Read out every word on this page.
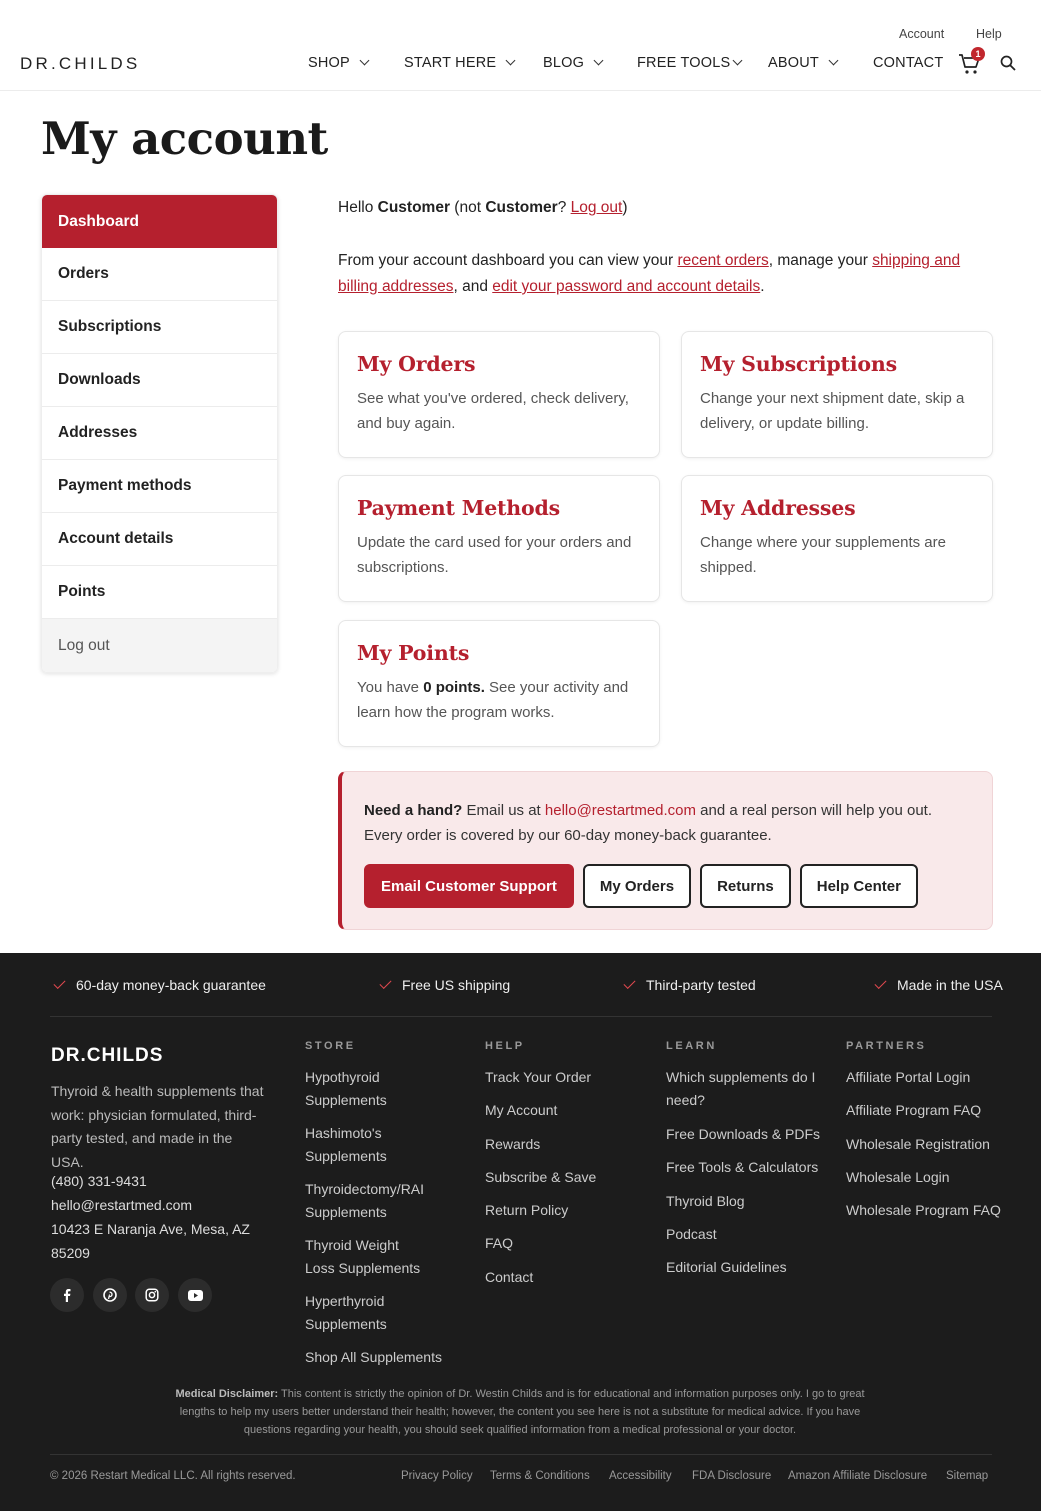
Account	Help
DR.CHILDS	SHOP	START HERE	BLOG	FREE TOOLS	ABOUT	CONTACT
1
My account
Dashboard
Orders
Subscriptions
Downloads
Addresses
Payment methods
Account details
Points
Log out

Hello Customer (not Customer? Log out)

From your account dashboard you can view your recent orders, manage your shipping and billing addresses, and edit your password and account details.

My Orders

See what you've ordered, check delivery, and buy again.

My Subscriptions

Change your next shipment date, skip a delivery, or update billing.

Payment Methods

Update the card used for your orders and subscriptions.

My Addresses

Change where your supplements are shipped.

My Points

You have 0 points. See your activity and learn how the program works.

Need a hand? Email us at hello@restartmed.com and a real person will help you out. Every order is covered by our 60-day money-back guarantee.

Email Customer Support	My Orders	Returns	Help Center
60-day money-back guarantee	Free US shipping	Third-party tested	Made in the USA
DR.CHILDS

Thyroid & health supplements that work: physician formulated, third-party tested, and made in the USA.

(480) 331-9431
hello@restartmed.com
10423 E Naranja Ave, Mesa, AZ
85209
STORE
Hypothyroid Supplements
Hashimoto's Supplements
Thyroidectomy/RAI Supplements
Thyroid Weight Loss Supplements
Hyperthyroid Supplements
Shop All Supplements
HELP
Track Your Order
My Account
Rewards
Subscribe & Save
Return Policy
FAQ
Contact
LEARN
Which supplements do I need?
Free Downloads & PDFs
Free Tools & Calculators
Thyroid Blog
Podcast
Editorial Guidelines
PARTNERS
Affiliate Portal Login
Affiliate Program FAQ
Wholesale Registration
Wholesale Login
Wholesale Program FAQ

Medical Disclaimer: This content is strictly the opinion of Dr. Westin Childs and is for educational and information purposes only. I go to great lengths to help my users better understand their health; however, the content you see here is not a substitute for medical advice. If you have questions regarding your health, you should seek qualified information from a medical professional or your doctor.

© 2026 Restart Medical LLC. All rights reserved.	Privacy Policy Terms & Conditions Accessibility FDA Disclosure Amazon Affiliate Disclosure Sitemap
